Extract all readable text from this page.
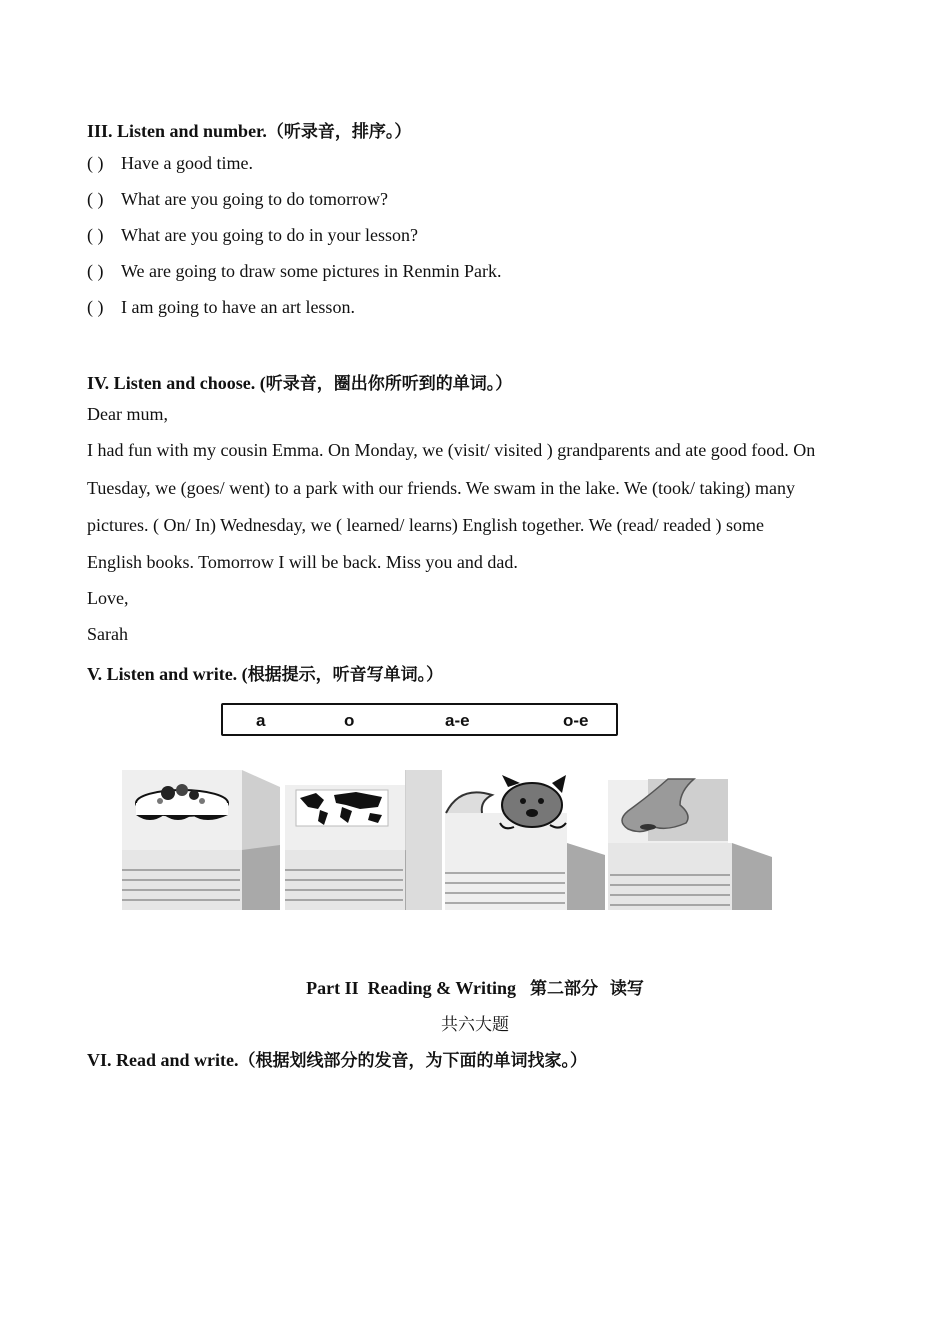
III. Listen and number.（听录音，排序。）
( ) Have a good time.
( ) What are you going to do tomorrow?
( ) What are you going to do in your lesson?
( ) We are going to draw some pictures in Renmin Park.
( ) I am going to have an art lesson.
IV. Listen and choose. (听录音，圈出你所听到的单词。）
Dear mum,
I had fun with my cousin Emma. On Monday, we (visit/ visited ) grandparents and ate good food. On
Tuesday, we (goes/ went) to a park with our friends. We swam in the lake. We (took/ taking) many
pictures. ( On/ In) Wednesday, we ( learned/ learns) English together. We (read/ readed ) some
English books. Tomorrow I will be back. Miss you and dad.
Love,
Sarah
V. Listen and write. (根据提示，听音写单词。）
a	o	a-e	o-e
Part II  Reading & Writing 第二部分  读写
共六大题
VI. Read and write.（根据划线部分的发音，为下面的单词找家。）
